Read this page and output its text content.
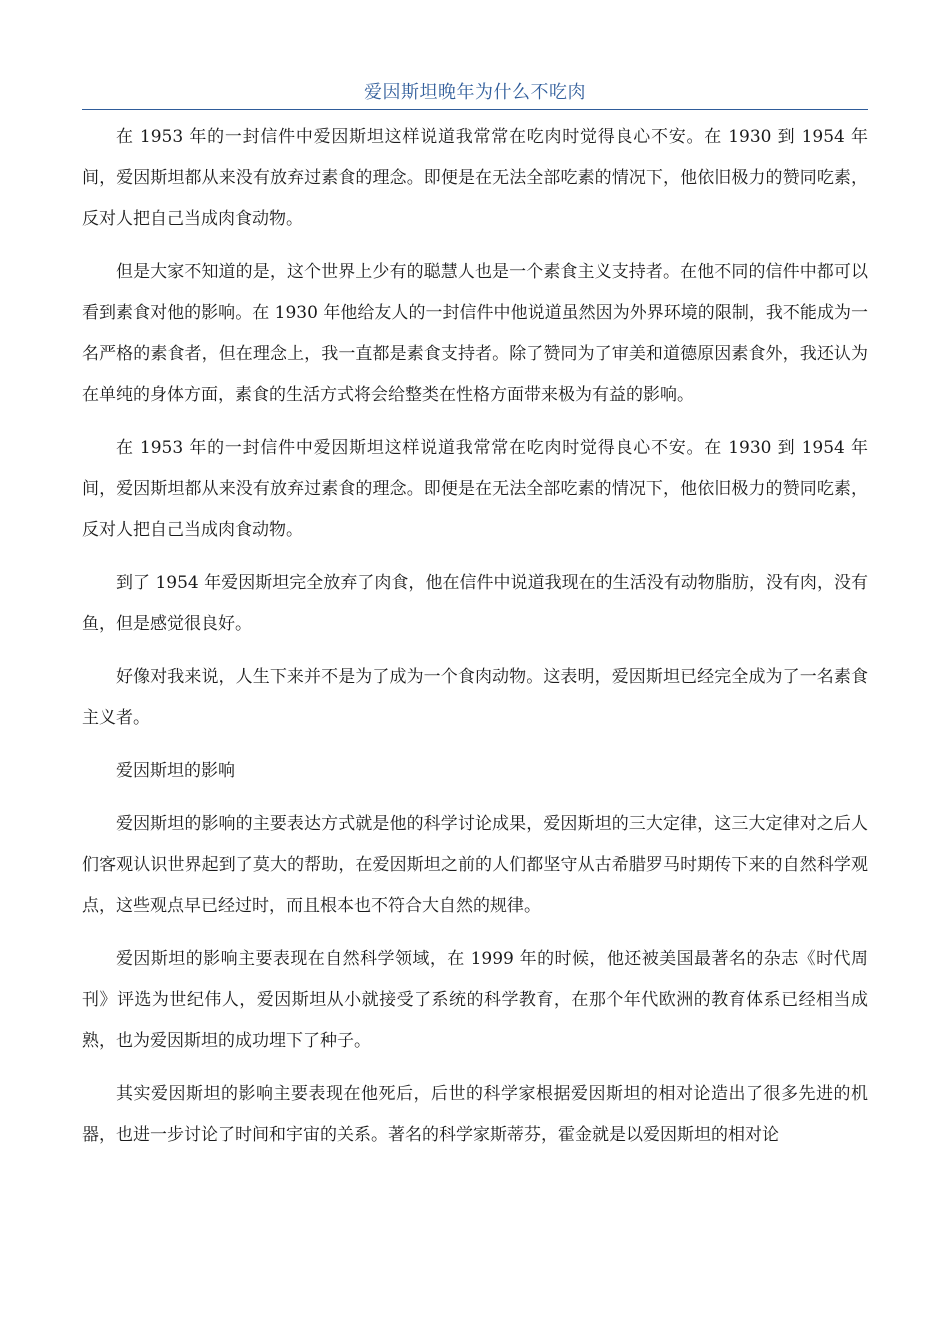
爱因斯坦晚年为什么不吃肉

在 1953 年的一封信件中爱因斯坦这样说道我常常在吃肉时觉得良心不安。在 1930 到 1954 年间，爱因斯坦都从来没有放弃过素食的理念。即便是在无法全部吃素的情况下，他依旧极力的赞同吃素，反对人把自己当成肉食动物。

但是大家不知道的是，这个世界上少有的聪慧人也是一个素食主义支持者。在他不同的信件中都可以看到素食对他的影响。在 1930 年他给友人的一封信件中他说道虽然因为外界环境的限制，我不能成为一名严格的素食者，但在理念上，我一直都是素食支持者。除了赞同为了审美和道德原因素食外，我还认为在单纯的身体方面，素食的生活方式将会给整类在性格方面带来极为有益的影响。

在 1953 年的一封信件中爱因斯坦这样说道我常常在吃肉时觉得良心不安。在 1930 到 1954 年间，爱因斯坦都从来没有放弃过素食的理念。即便是在无法全部吃素的情况下，他依旧极力的赞同吃素，反对人把自己当成肉食动物。

到了 1954 年爱因斯坦完全放弃了肉食，他在信件中说道我现在的生活没有动物脂肪，没有肉，没有鱼，但是感觉很良好。

好像对我来说，人生下来并不是为了成为一个食肉动物。这表明，爱因斯坦已经完全成为了一名素食主义者。

爱因斯坦的影响

爱因斯坦的影响的主要表达方式就是他的科学讨论成果，爱因斯坦的三大定律，这三大定律对之后人们客观认识世界起到了莫大的帮助，在爱因斯坦之前的人们都坚守从古希腊罗马时期传下来的自然科学观点，这些观点早已经过时，而且根本也不符合大自然的规律。

爱因斯坦的影响主要表现在自然科学领域，在 1999 年的时候，他还被美国最著名的杂志《时代周刊》评选为世纪伟人，爱因斯坦从小就接受了系统的科学教育，在那个年代欧洲的教育体系已经相当成熟，也为爱因斯坦的成功埋下了种子。

其实爱因斯坦的影响主要表现在他死后，后世的科学家根据爱因斯坦的相对论造出了很多先进的机器，也进一步讨论了时间和宇宙的关系。著名的科学家斯蒂芬，霍金就是以爱因斯坦的相对论
